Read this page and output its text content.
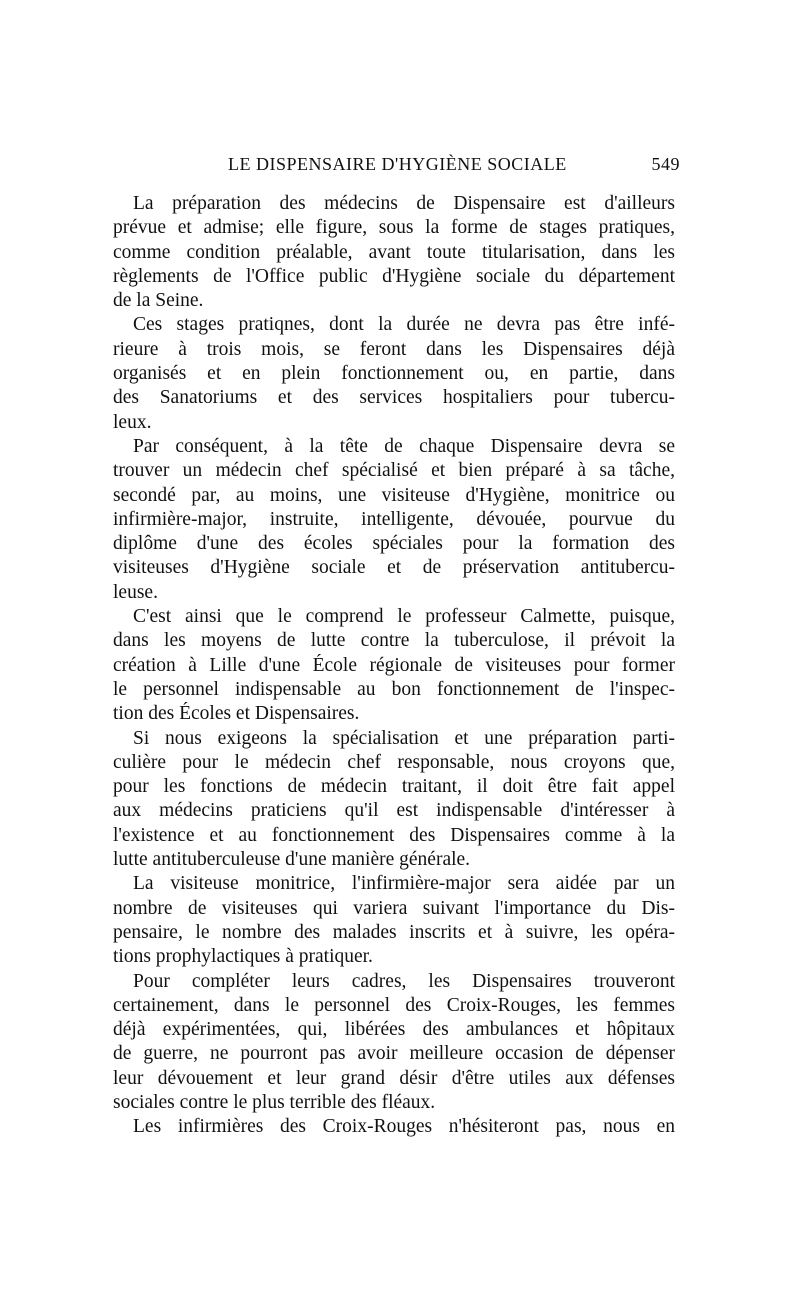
LE DISPENSAIRE D'HYGIÈNE SOCIALE	549
La préparation des médecins de Dispensaire est d'ailleurs
prévue et admise; elle figure, sous la forme de stages pratiques,
comme condition préalable, avant toute titularisation, dans les
règlements de l'Office public d'Hygiène sociale du département
de la Seine.
Ces stages pratiqnes, dont la durée ne devra pas être infé-
rieure à trois mois, se feront dans les Dispensaires déjà
organisés et en plein fonctionnement ou, en partie, dans
des Sanatoriums et des services hospitaliers pour tubercu-
leux.
Par conséquent, à la tête de chaque Dispensaire devra se
trouver un médecin chef spécialisé et bien préparé à sa tâche,
secondé par, au moins, une visiteuse d'Hygiène, monitrice ou
infirmière-major, instruite, intelligente, dévouée, pourvue du
diplôme d'une des écoles spéciales pour la formation des
visiteuses d'Hygiène sociale et de préservation antitubercu-
leuse.
C'est ainsi que le comprend le professeur Calmette, puisque,
dans les moyens de lutte contre la tuberculose, il prévoit la
création à Lille d'une École régionale de visiteuses pour former
le personnel indispensable au bon fonctionnement de l'inspec-
tion des Écoles et Dispensaires.
Si nous exigeons la spécialisation et une préparation parti-
culière pour le médecin chef responsable, nous croyons que,
pour les fonctions de médecin traitant, il doit être fait appel
aux médecins praticiens qu'il est indispensable d'intéresser à
l'existence et au fonctionnement des Dispensaires comme à la
lutte antituberculeuse d'une manière générale.
La visiteuse monitrice, l'infirmière-major sera aidée par un
nombre de visiteuses qui variera suivant l'importance du Dis-
pensaire, le nombre des malades inscrits et à suivre, les opéra-
tions prophylactiques à pratiquer.
Pour compléter leurs cadres, les Dispensaires trouveront
certainement, dans le personnel des Croix-Rouges, les femmes
déjà expérimentées, qui, libérées des ambulances et hôpitaux
de guerre, ne pourront pas avoir meilleure occasion de dépenser
leur dévouement et leur grand désir d'être utiles aux défenses
sociales contre le plus terrible des fléaux.
Les infirmières des Croix-Rouges n'hésiteront pas, nous en
